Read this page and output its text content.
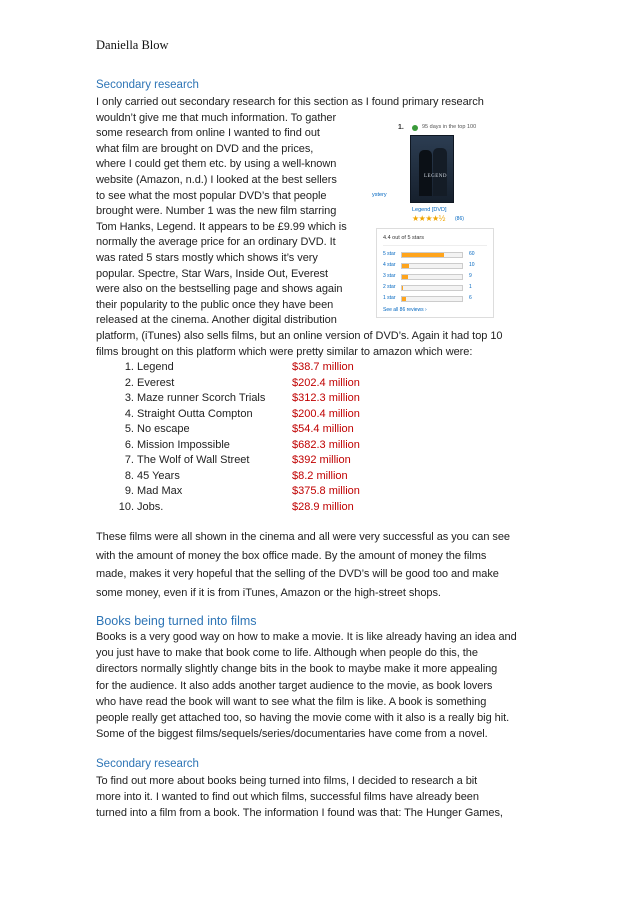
Daniella Blow
Secondary research
I only carried out secondary research for this section as I found primary research
wouldn’t give me that much information. To gather
some research from online I wanted to find out
what film are brought on DVD and the prices,
where I could get them etc. by using a well-known
website (Amazon, n.d.) I looked at the best sellers
to see what the most popular DVD’s that people
brought were. Number 1 was the new film starring
Tom Hanks, Legend. It appears to be £9.99 which is
normally the average price for an ordinary DVD. It
was rated 5 stars mostly which shows it’s very
popular. Spectre, Star Wars, Inside Out, Everest
were also on the bestselling page and shows again
their popularity to the public once they have been
released at the cinema. Another digital distribution
platform, (iTunes) also sells films, but an online version of DVD’s. Again it had top 10
films brought on this platform which were pretty similar to amazon which were:
1.	95 days in the top 100
ystery
LEGEND
Legend [DVD]
★★★★½ (86)
4.4 out of 5 stars
5 star	60
4 star	10
3 star	9
2 star	1
1 star	6
See all 86 reviews ›
1. Legend	$38.7 million
2. Everest	$202.4 million
3. Maze runner Scorch Trials $312.3 million
4. Straight Outta Compton	$200.4 million
5. No escape	$54.4 million
6. Mission Impossible	$682.3 million
7. The Wolf of Wall Street	$392 million
8. 45 Years	$8.2 million
9. Mad Max	$375.8 million
10. Jobs.	$28.9 million
These films were all shown in the cinema and all were very successful as you can see
with the amount of money the box office made. By the amount of money the films
made, makes it very hopeful that the selling of the DVD’s will be good too and make
some money, even if it is from iTunes, Amazon or the high-street shops.
Books being turned into films
Books is a very good way on how to make a movie. It is like already having an idea and
you just have to make that book come to life. Although when people do this, the
directors normally slightly change bits in the book to maybe make it more appealing
for the audience. It also adds another target audience to the movie, as book lovers
who have read the book will want to see what the film is like. A book is something
people really get attached too, so having the movie come with it also is a really big hit.
Some of the biggest films/sequels/series/documentaries have come from a novel.
Secondary research
To find out more about books being turned into films, I decided to research a bit
more into it. I wanted to find out which films, successful films have already been
turned into a film from a book. The information I found was that: The Hunger Games,
